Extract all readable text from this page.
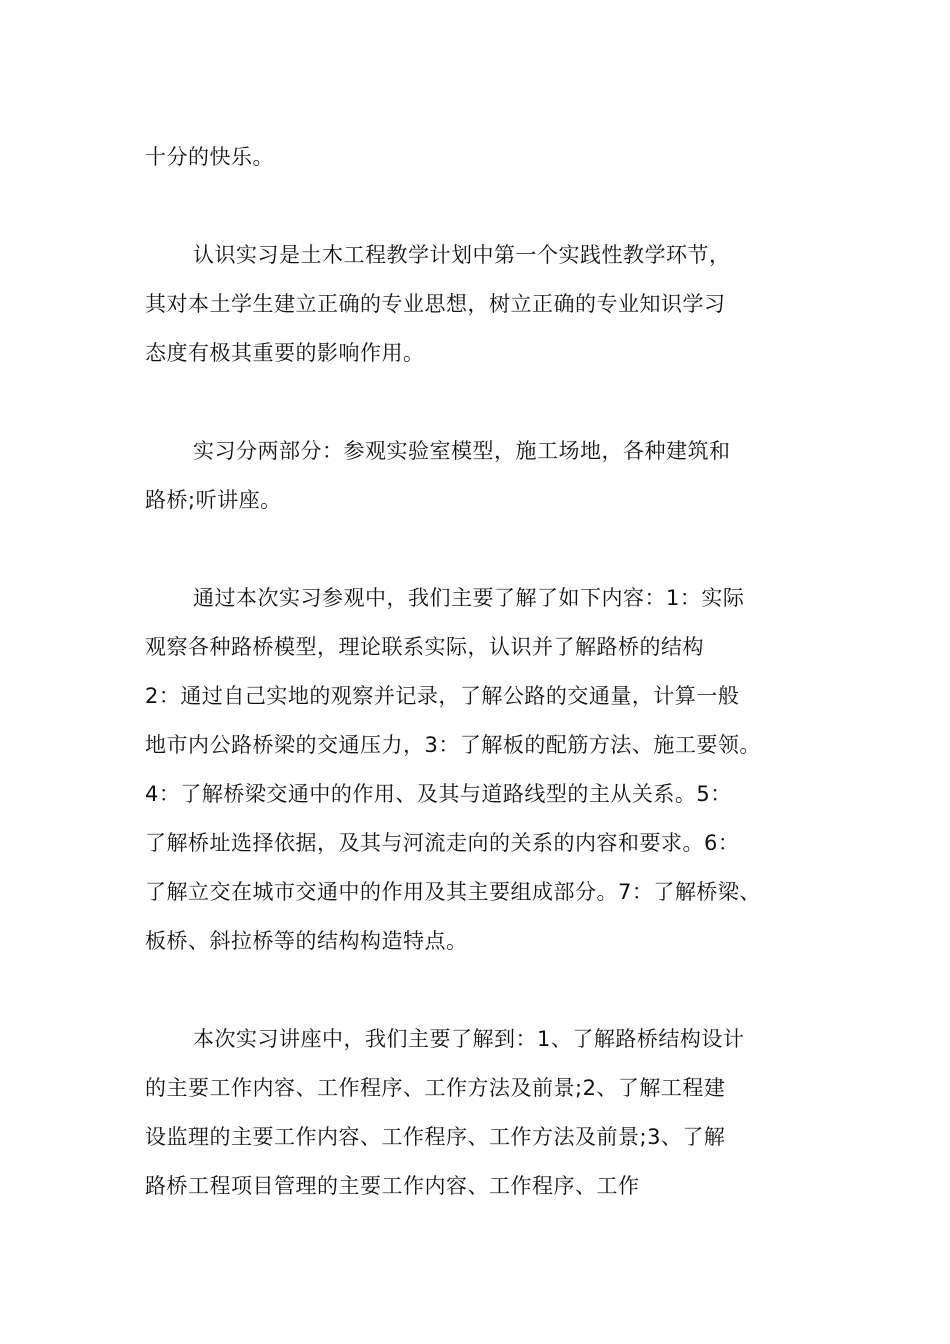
十分的快乐。
认识实习是土木工程教学计划中第一个实践性教学环节，
其对本土学生建立正确的专业思想，树立正确的专业知识学习
态度有极其重要的影响作用。
实习分两部分：参观实验室模型，施工场地，各种建筑和
路桥;听讲座。
通过本次实习参观中，我们主要了解了如下内容：1：实际
观察各种路桥模型，理论联系实际，认识并了解路桥的结构
2：通过自己实地的观察并记录，了解公路的交通量，计算一般
地市内公路桥梁的交通压力，3：了解板的配筋方法、施工要领。
4：了解桥梁交通中的作用、及其与道路线型的主从关系。5：
了解桥址选择依据，及其与河流走向的关系的内容和要求。6：
了解立交在城市交通中的作用及其主要组成部分。7：了解桥梁、
板桥、斜拉桥等的结构构造特点。
本次实习讲座中，我们主要了解到：1、了解路桥结构设计
的主要工作内容、工作程序、工作方法及前景;2、了解工程建
设监理的主要工作内容、工作程序、工作方法及前景;3、了解
路桥工程项目管理的主要工作内容、工作程序、工作
